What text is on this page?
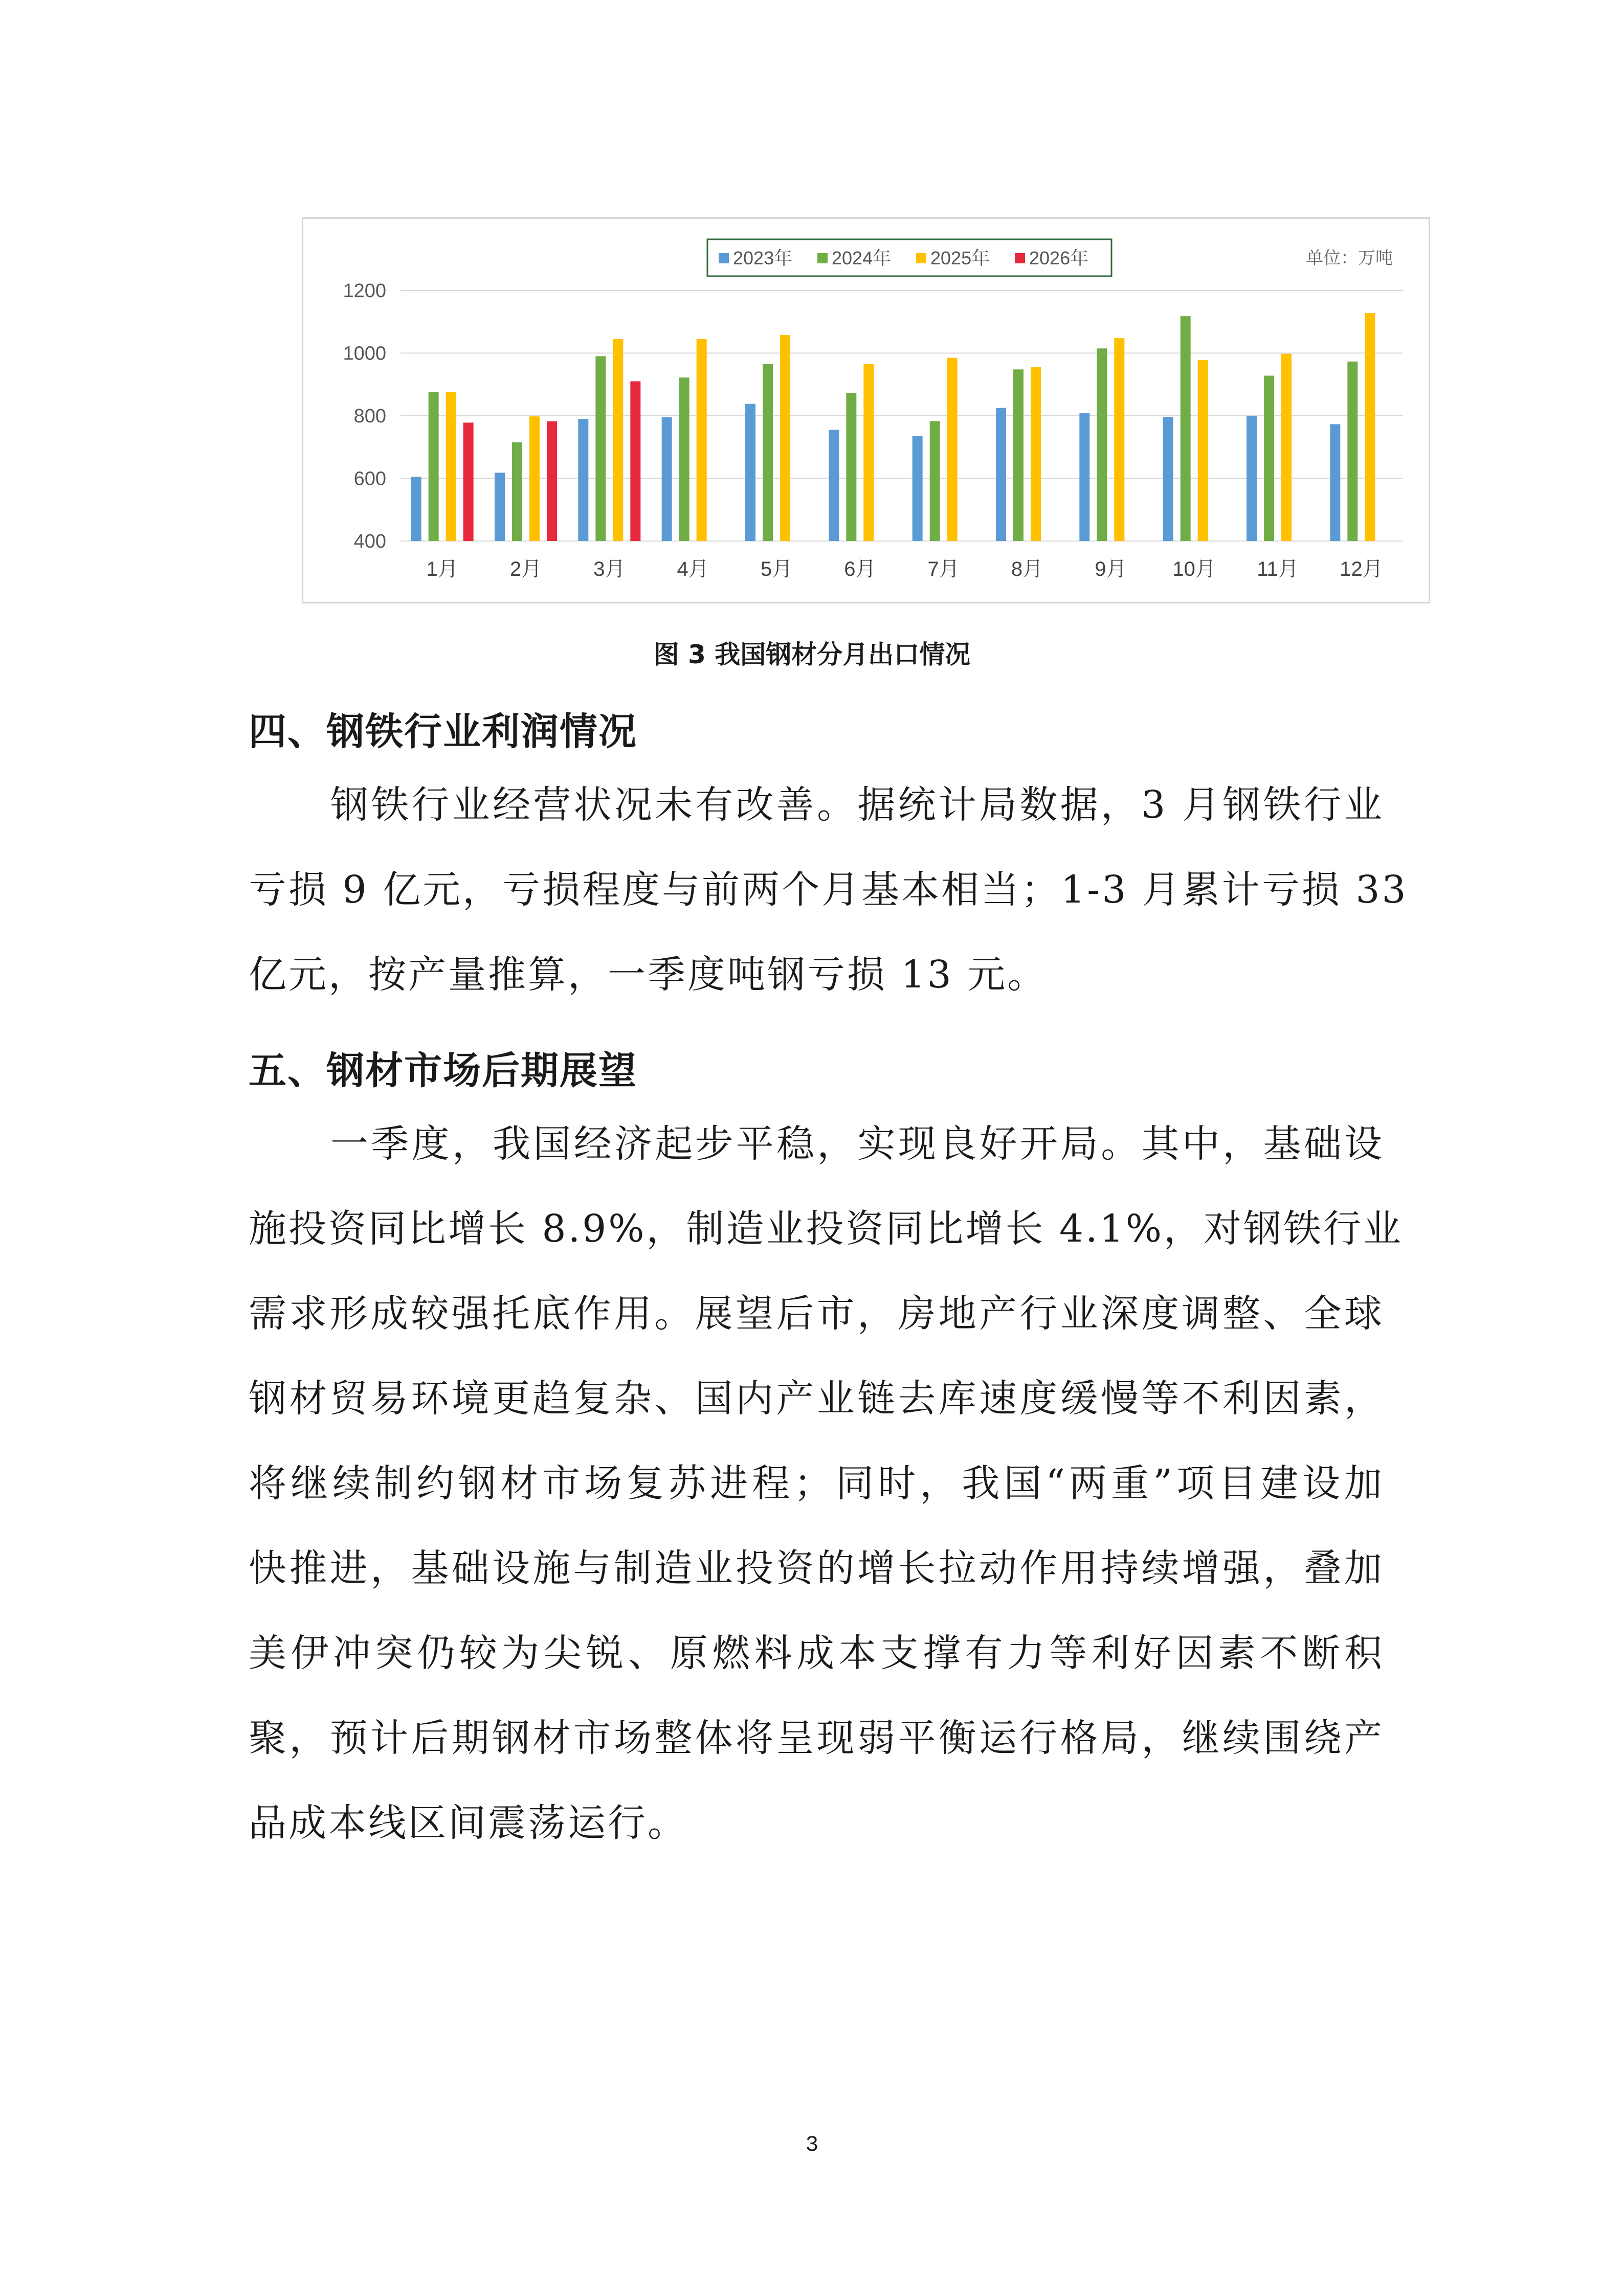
400
600
800
1000
1200
1月	2月	3月	4月	5月	6月	7月	8月	9月 10月 11月 12月
2023年 2024年 2025年 2026年	单位：万吨
图 3 我国钢材分月出口情况
四、钢铁行业利润情况
钢铁行业经营状况未有改善。据统计局数据，3 月钢铁行业
亏损 9 亿元，亏损程度与前两个月基本相当；1-3 月累计亏损 33
亿元，按产量推算，一季度吨钢亏损 13 元。
五、钢材市场后期展望
一季度，我国经济起步平稳，实现良好开局。其中，基础设
施投资同比增长 8.9%，制造业投资同比增长 4.1%，对钢铁行业
需求形成较强托底作用。展望后市，房地产行业深度调整、全球
钢材贸易环境更趋复杂、国内产业链去库速度缓慢等不利因素，
将继续制约钢材市场复苏进程；同时，我国“两重”项目建设加
快推进，基础设施与制造业投资的增长拉动作用持续增强，叠加
美伊冲突仍较为尖锐、原燃料成本支撑有力等利好因素不断积
聚，预计后期钢材市场整体将呈现弱平衡运行格局，继续围绕产
品成本线区间震荡运行。
3
